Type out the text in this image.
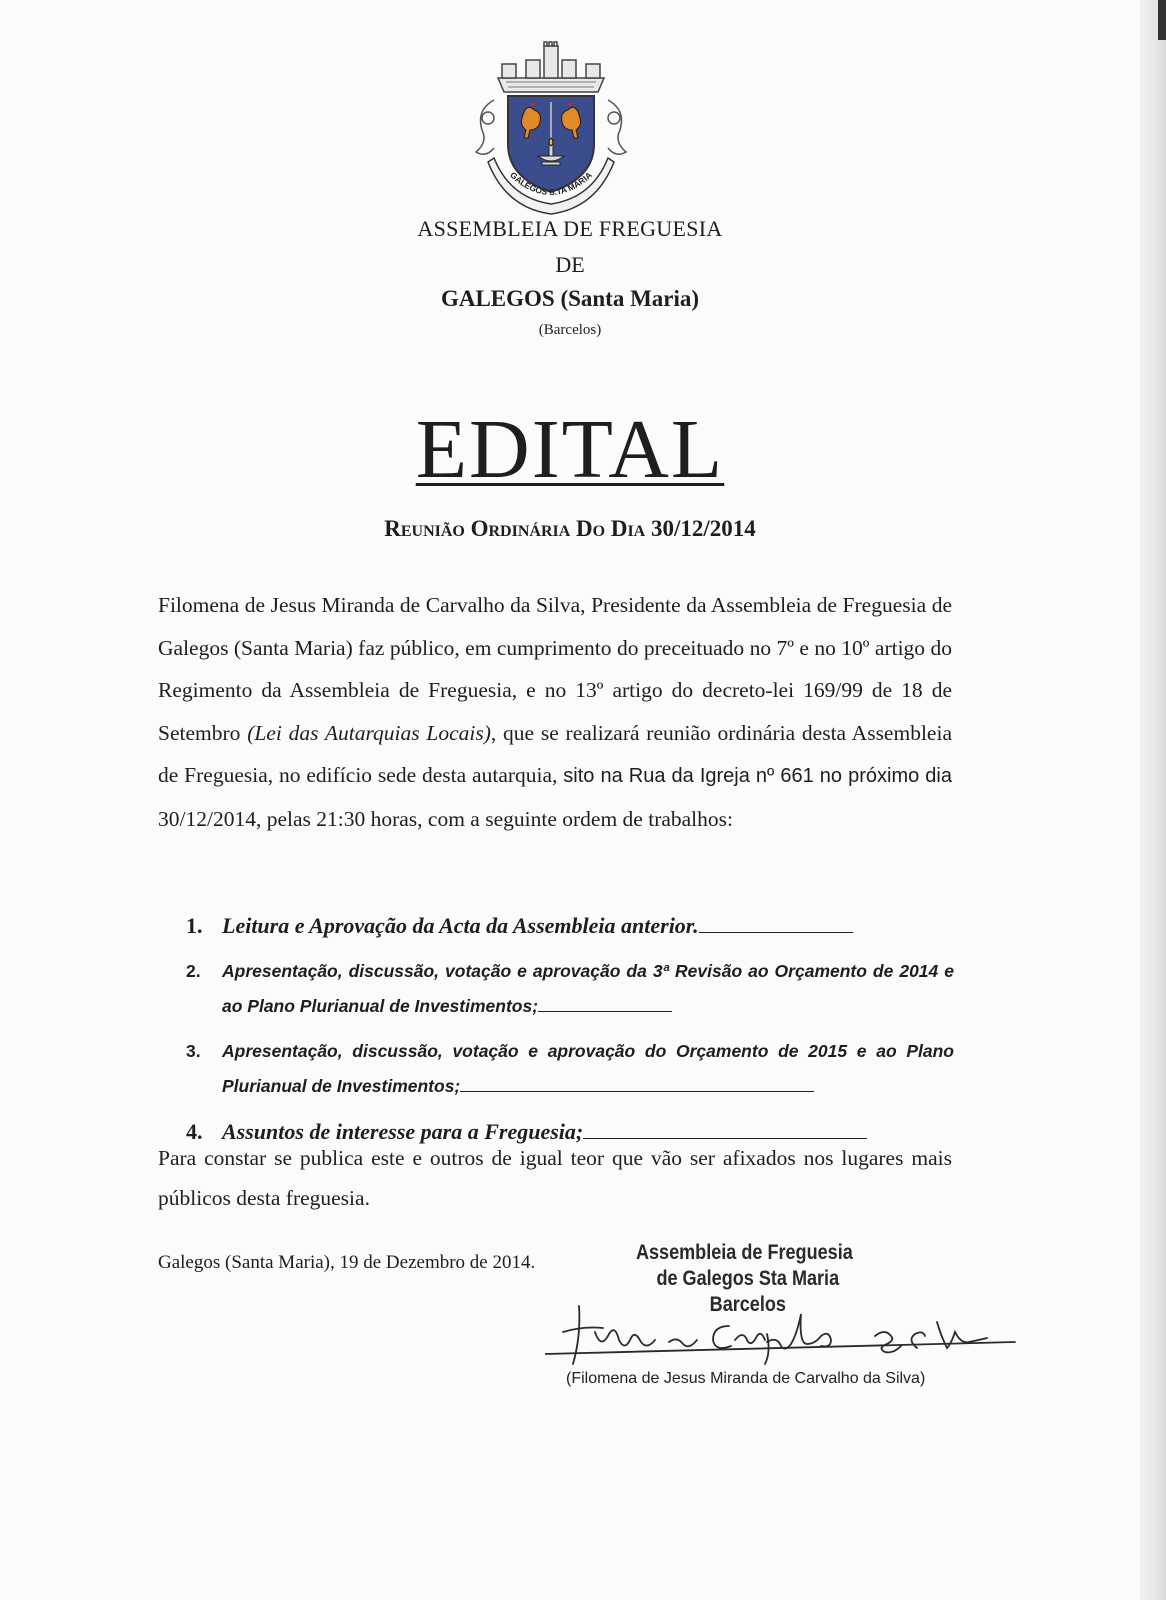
GALEGOS S.TA MARIA
ASSEMBLEIA DE FREGUESIA
DE
GALEGOS (Santa Maria)
(Barcelos)
EDITAL
Reunião Ordinária Do Dia 30/12/2014
Filomena de Jesus Miranda de Carvalho da Silva, Presidente da Assembleia de Freguesia de Galegos (Santa Maria) faz público, em cumprimento do preceituado no 7º e no 10º artigo do Regimento da Assembleia de Freguesia, e no 13º artigo do decreto-lei 169/99 de 18 de Setembro (Lei das Autarquias Locais), que se realizará reunião ordinária desta Assembleia de Freguesia, no edifício sede desta autarquia, sito na Rua da Igreja nº 661 no próximo dia 30/12/2014, pelas 21:30 horas, com a seguinte ordem de trabalhos:
1. Leitura e Aprovação da Acta da Assembleia anterior.
2. Apresentação, discussão, votação e aprovação da 3ª Revisão ao Orçamento de 2014 e ao Plano Plurianual de Investimentos;
3. Apresentação, discussão, votação e aprovação do Orçamento de 2015 e ao Plano Plurianual de Investimentos;
4. Assuntos de interesse para a Freguesia;
Para constar se publica este e outros de igual teor que vão ser afixados nos lugares mais públicos desta freguesia.
Galegos (Santa Maria), 19 de Dezembro de 2014.	Assembleia de Freguesia
de Galegos Sta Maria
Barcelos
(Filomena de Jesus Miranda de Carvalho da Silva)
